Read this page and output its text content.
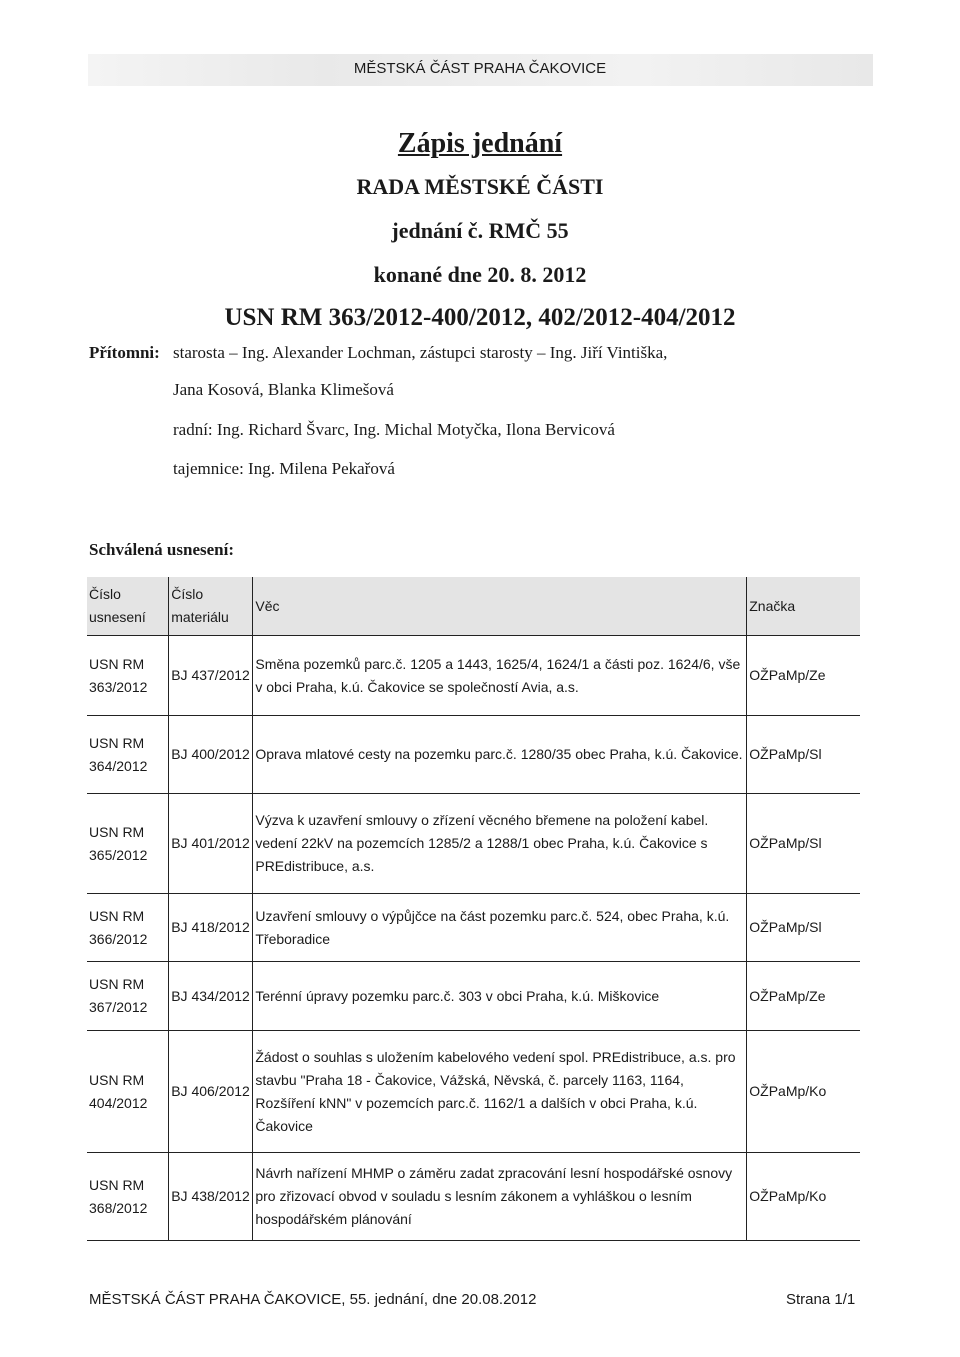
MĚSTSKÁ ČÁST PRAHA ČAKOVICE
Zápis jednání
RADA MĚSTSKÉ ČÁSTI
jednání č. RMČ 55
konané dne 20. 8. 2012
USN RM 363/2012-400/2012, 402/2012-404/2012
Přítomni: starosta – Ing. Alexander Lochman, zástupci starosty – Ing. Jiří Vintiška,
Jana Kosová, Blanka Klimešová
radní: Ing. Richard Švarc, Ing. Michal Motyčka, Ilona Bervicová
tajemnice: Ing. Milena Pekařová
Schválená usnesení:
Číslo usnesení	Číslo materiálu	Věc	Značka
USN RM 363/2012	BJ 437/2012	Směna pozemků parc.č. 1205 a 1443, 1625/4, 1624/1 a části poz. 1624/6, vše v obci Praha, k.ú. Čakovice se společností Avia, a.s.	OŽPaMp/Ze
USN RM 364/2012	BJ 400/2012	Oprava mlatové cesty na pozemku parc.č. 1280/35 obec Praha, k.ú. Čakovice.	OŽPaMp/Sl
USN RM 365/2012	BJ 401/2012	Výzva k uzavření smlouvy o zřízení věcného břemene na položení kabel. vedení 22kV na pozemcích 1285/2 a 1288/1 obec Praha, k.ú. Čakovice s PREdistribuce, a.s.	OŽPaMp/Sl
USN RM 366/2012	BJ 418/2012	Uzavření smlouvy o výpůjčce na část pozemku parc.č. 524, obec Praha, k.ú. Třeboradice	OŽPaMp/Sl
USN RM 367/2012	BJ 434/2012	Terénní úpravy pozemku parc.č. 303 v obci Praha, k.ú. Miškovice	OŽPaMp/Ze
USN RM 404/2012	BJ 406/2012	Žádost o souhlas s uložením kabelového vedení spol. PREdistribuce, a.s. pro stavbu "Praha 18 - Čakovice, Vážská, Něvská, č. parcely 1163, 1164, Rozšíření kNN" v pozemcích parc.č. 1162/1 a dalších v obci Praha, k.ú. Čakovice	OŽPaMp/Ko
USN RM 368/2012	BJ 438/2012	Návrh nařízení MHMP o záměru zadat zpracování lesní hospodářské osnovy pro zřizovací obvod v souladu s lesním zákonem a vyhláškou o lesním hospodářském plánování	OŽPaMp/Ko
MĚSTSKÁ ČÁST PRAHA ČAKOVICE, 55. jednání, dne 20.08.2012	Strana 1/1
